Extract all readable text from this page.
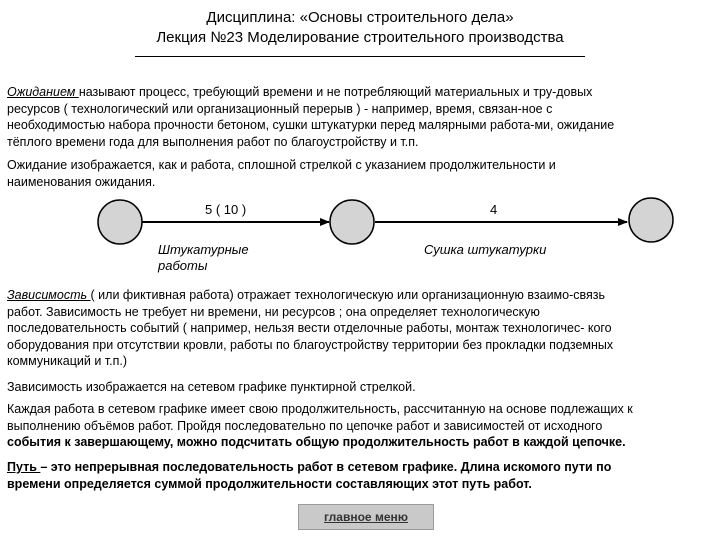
Дисциплина: «Основы строительного дела»
Лекция №23 Моделирование строительного производства
Ожиданием называют процесс, требующий времени и не потребляющий материальных и тру-довых
ресурсов ( технологический или организационный перерыв ) - например, время, связан-ное с
необходимостью набора прочности бетоном, сушки штукатурки перед малярными работа-ми, ожидание
тёплого времени года для выполнения работ по благоустройству и т.п.
Ожидание изображается, как и работа, сплошной стрелкой с указанием продолжительности и
наименования ожидания.
5 ( 10 )	4
Штукатурные
работы
Сушка штукатурки
Зависимость ( или фиктивная работа) отражает технологическую или организационную взаимо-связь
работ. Зависимость не требует ни времени, ни ресурсов ; она определяет технологическую
последовательность событий ( например, нельзя вести отделочные работы, монтаж технологичес- кого
оборудования при отсутствии кровли, работы по благоустройству территории без прокладки подземных
коммуникаций и т.п.)
Зависимость изображается на сетевом графике пунктирной стрелкой.
Каждая работа в сетевом графике имеет свою продолжительность, рассчитанную на основе подлежащих к
выполнению объёмов работ. Пройдя последовательно по цепочке работ и зависимостей от исходного
события к завершающему, можно подсчитать общую продолжительность работ в каждой цепочке.
Путь – это непрерывная последовательность работ в сетевом графике. Длина искомого пути по
времени определяется суммой продолжительности составляющих этот путь работ.
главное меню
